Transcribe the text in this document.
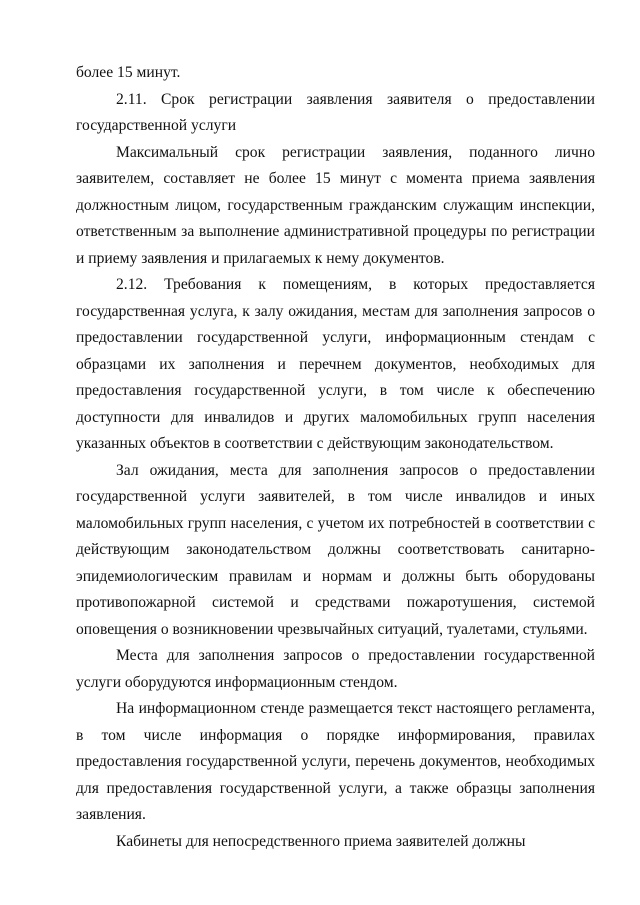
более 15 минут.

2.11. Срок регистрации заявления заявителя о предоставлении государственной услуги

Максимальный срок регистрации заявления, поданного лично заявителем, составляет не более 15 минут с момента приема заявления должностным лицом, государственным гражданским служащим инспекции, ответственным за выполнение административной процедуры по регистрации и приему заявления и прилагаемых к нему документов.

2.12. Требования к помещениям, в которых предоставляется государственная услуга, к залу ожидания, местам для заполнения запросов о предоставлении государственной услуги, информационным стендам с образцами их заполнения и перечнем документов, необходимых для предоставления государственной услуги, в том числе к обеспечению доступности для инвалидов и других маломобильных групп населения указанных объектов в соответствии с действующим законодательством.

Зал ожидания, места для заполнения запросов о предоставлении государственной услуги заявителей, в том числе инвалидов и иных маломобильных групп населения, с учетом их потребностей в соответствии с действующим законодательством должны соответствовать санитарно-эпидемиологическим правилам и нормам и должны быть оборудованы противопожарной системой и средствами пожаротушения, системой оповещения о возникновении чрезвычайных ситуаций, туалетами, стульями.

Места для заполнения запросов о предоставлении государственной услуги оборудуются информационным стендом.

На информационном стенде размещается текст настоящего регламента, в том числе информация о порядке информирования, правилах предоставления государственной услуги, перечень документов, необходимых для предоставления государственной услуги, а также образцы заполнения заявления.

Кабинеты для непосредственного приема заявителей должны
